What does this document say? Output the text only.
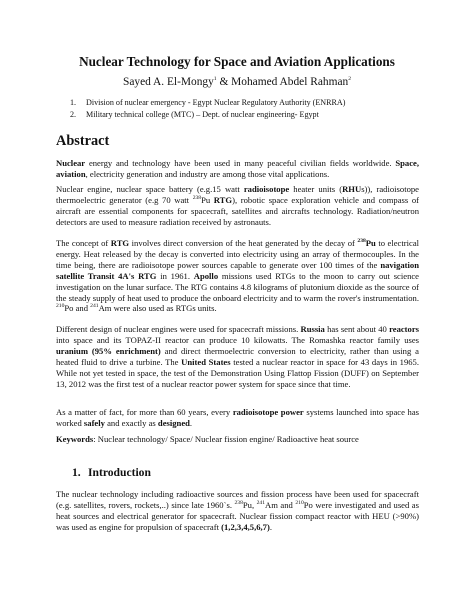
Nuclear Technology for Space and Aviation Applications
Sayed A. El-Mongy$^1$ & Mohamed Abdel Rahman$^2$
1. Division of nuclear emergency - Egypt Nuclear Regulatory Authority (ENRRA)
2. Military technical college (MTC) – Dept. of nuclear engineering- Egypt
Abstract

Nuclear energy and technology have been used in many peaceful civilian fields worldwide. Space, aviation, electricity generation and industry are among those vital applications.

Nuclear engine, nuclear space battery (e.g.15 watt radioisotope heater units (RHUs)), radioisotope thermoelectric generator (e.g 70 watt $^{238}$Pu RTG), robotic space exploration vehicle and compass of aircraft are essential components for spacecraft, satellites and aircrafts technology. Radiation/neutron detectors are used to measure radiation received by astronauts.

The concept of RTG involves direct conversion of the heat generated by the decay of $^{238}$Pu to electrical energy. Heat released by the decay is converted into electricity using an array of thermocouples. In the time being, there are radioisotope power sources capable to generate over 100 times of the navigation satellite Transit 4A's RTG in 1961. Apollo missions used RTGs to the moon to carry out science investigation on the lunar surface. The RTG contains 4.8 kilograms of plutonium dioxide as the source of the steady supply of heat used to produce the onboard electricity and to warm the rover's instrumentation. $^{210}$Po and $^{241}$Am were also used as RTGs units.

Different design of nuclear engines were used for spacecraft missions. Russia has sent about 40 reactors into space and its TOPAZ-II reactor can produce 10 kilowatts. The Romashka reactor family uses uranium (95% enrichment) and direct thermoelectric conversion to electricity, rather than using a heated fluid to drive a turbine. The United States tested a nuclear reactor in space for 43 days in 1965. While not yet tested in space, the test of the Demonstration Using Flattop Fission (DUFF) on September 13, 2012 was the first test of a nuclear reactor power system for space since that time.

As a matter of fact, for more than 60 years, every radioisotope power systems launched into space has worked safely and exactly as designed.

Keywords: Nuclear technology/ Space/ Nuclear fission engine/ Radioactive heat source

1. Introduction

The nuclear technology including radioactive sources and fission process have been used for spacecraft (e.g. satellites, rovers, rockets,..) since late 1960`s. $^{238}$Pu, $^{241}$Am and $^{210}$Po were investigated and used as heat sources and electrical generator for spacecraft. Nuclear fission compact reactor with HEU (>90%) was used as engine for propulsion of spacecraft (1,2,3,4,5,6,7).
